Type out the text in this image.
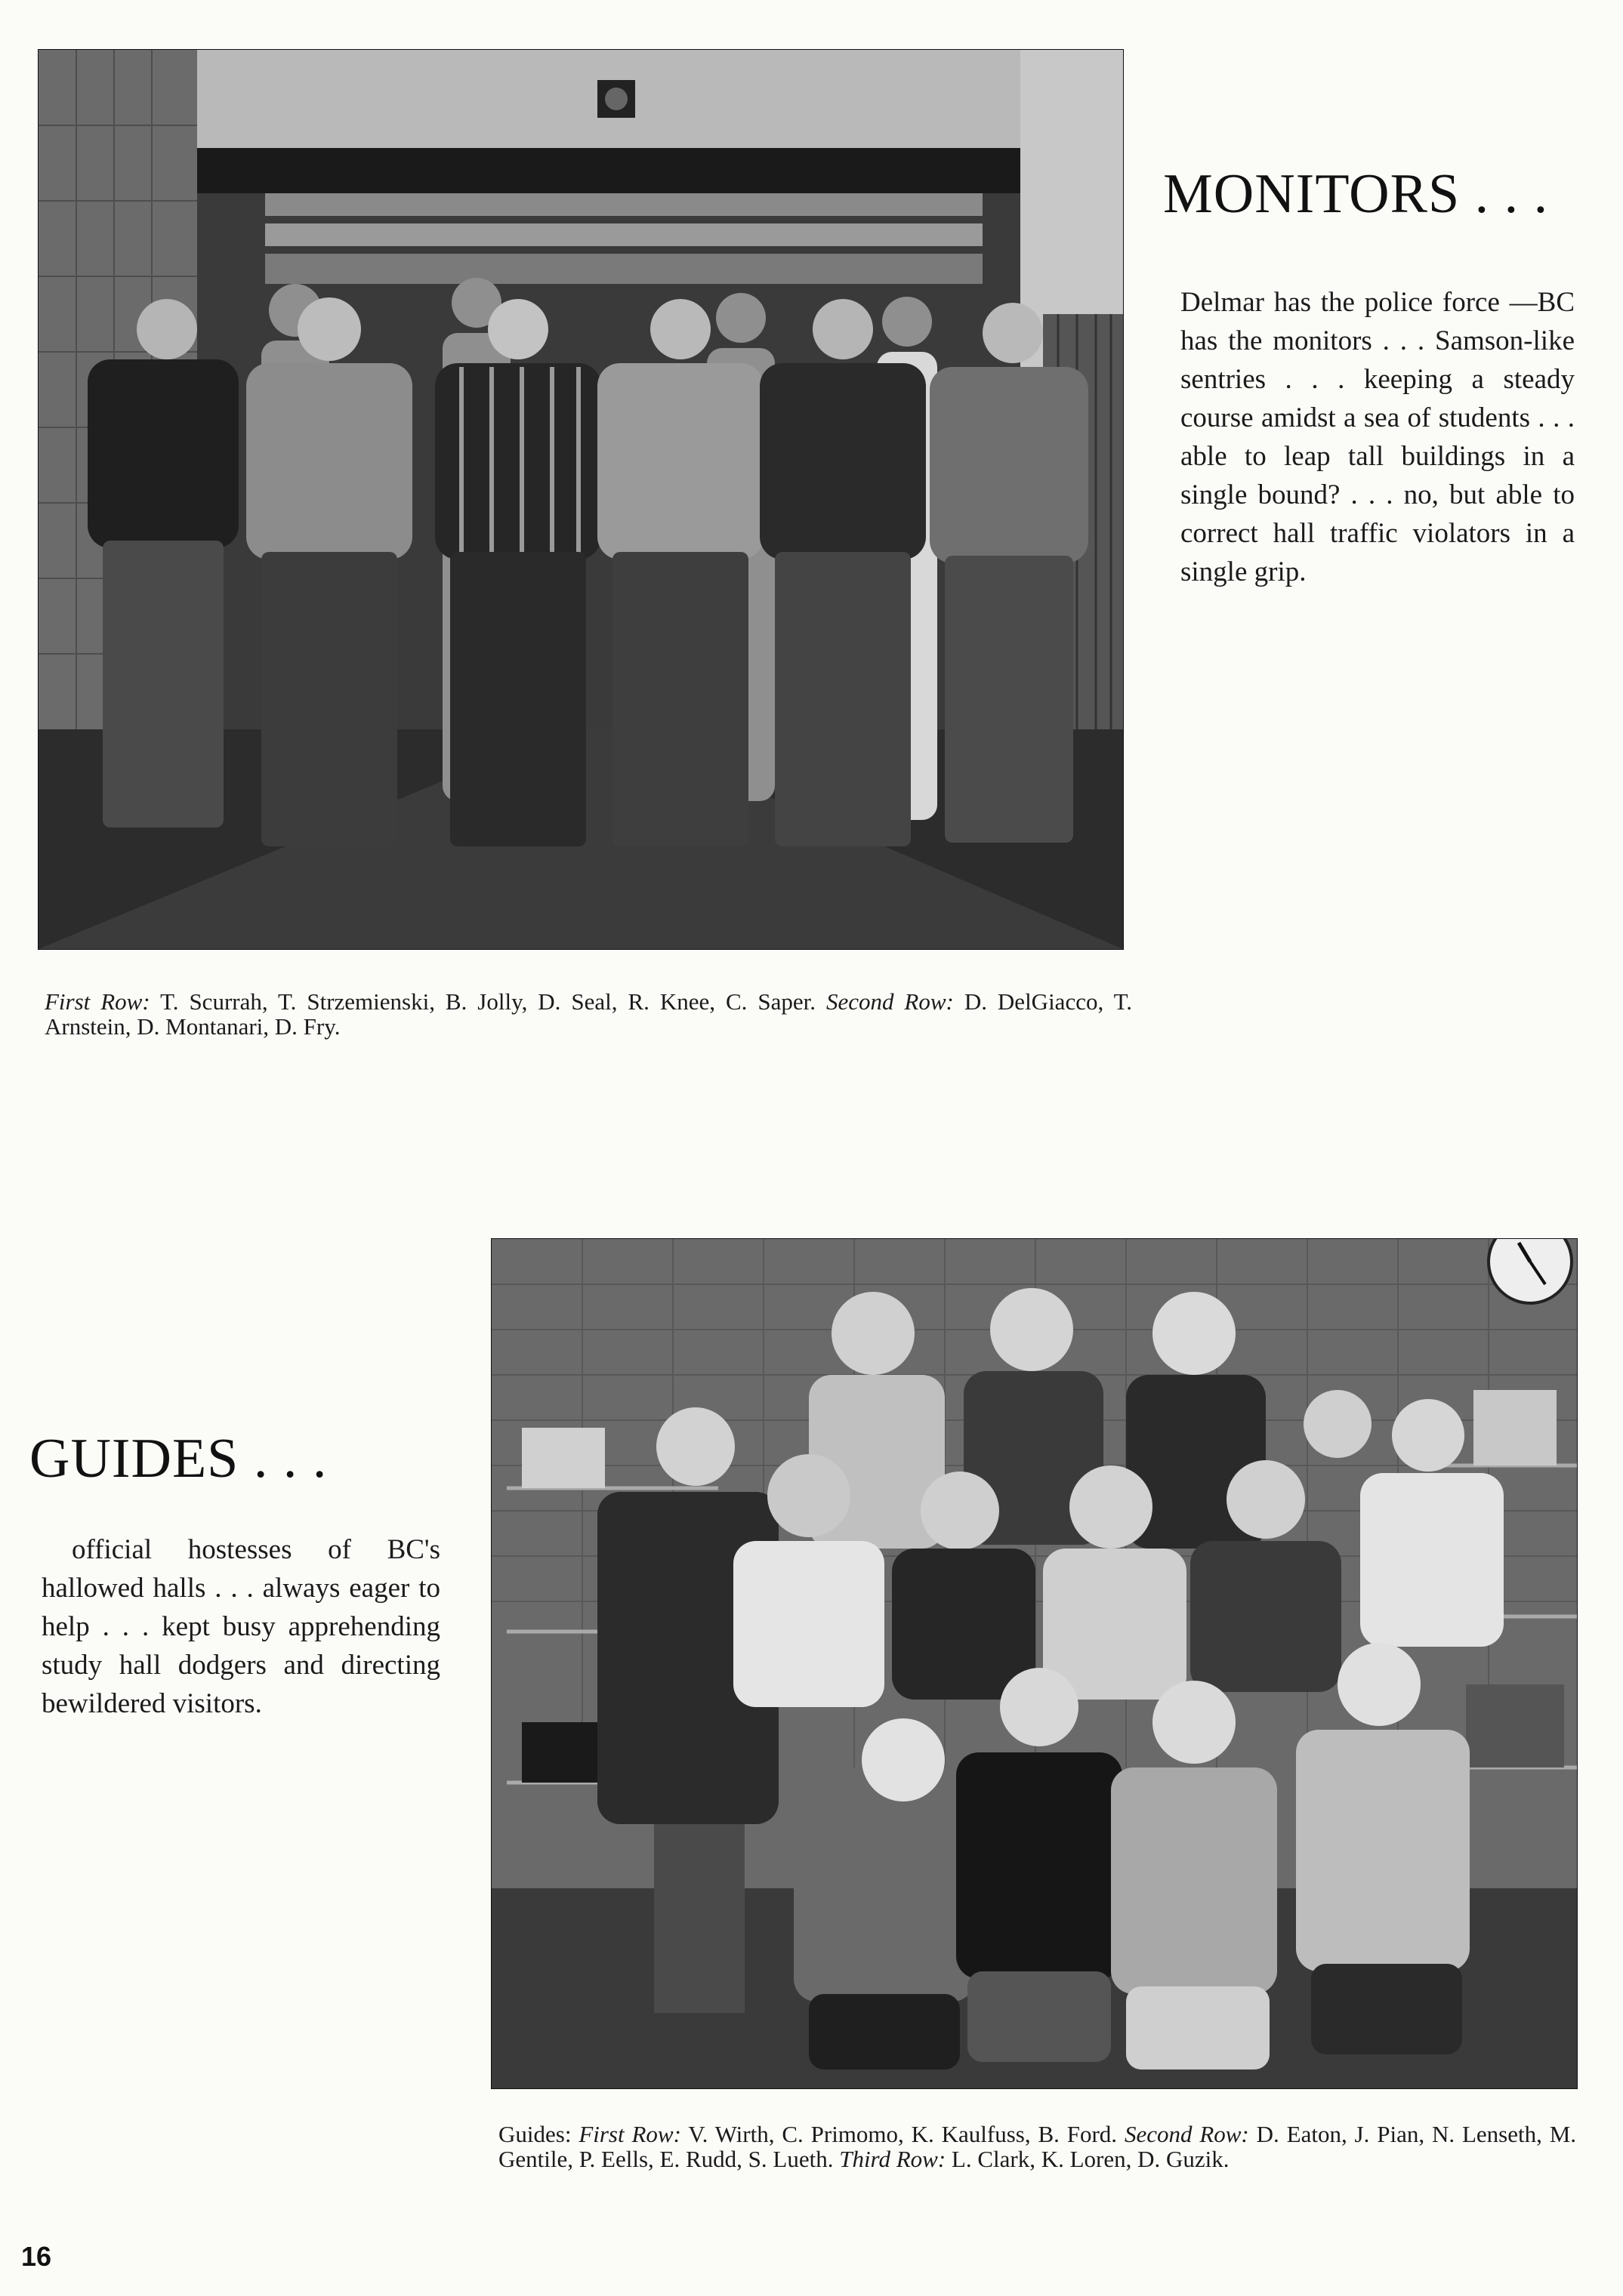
MONITORS . . .
Delmar has the police force —BC has the monitors . . . Samson-like sentries . . . keeping a steady course amidst a sea of students . . . able to leap tall buildings in a single bound? . . . no, but able to correct hall traffic violators in a single grip.
First Row: T. Scurrah, T. Strzemienski, B. Jolly, D. Seal, R. Knee, C. Saper. Second Row: D. DelGiacco, T. Arnstein, D. Montanari, D. Fry.
GUIDES . . .
official hostesses of BC's hallowed halls . . . always eager to help . . . kept busy apprehending study hall dodgers and directing bewildered visitors.
Guides: First Row: V. Wirth, C. Primomo, K. Kaulfuss, B. Ford. Second Row: D. Eaton, J. Pian, N. Lenseth, M. Gentile, P. Eells, E. Rudd, S. Lueth. Third Row: L. Clark, K. Loren, D. Guzik.
16
